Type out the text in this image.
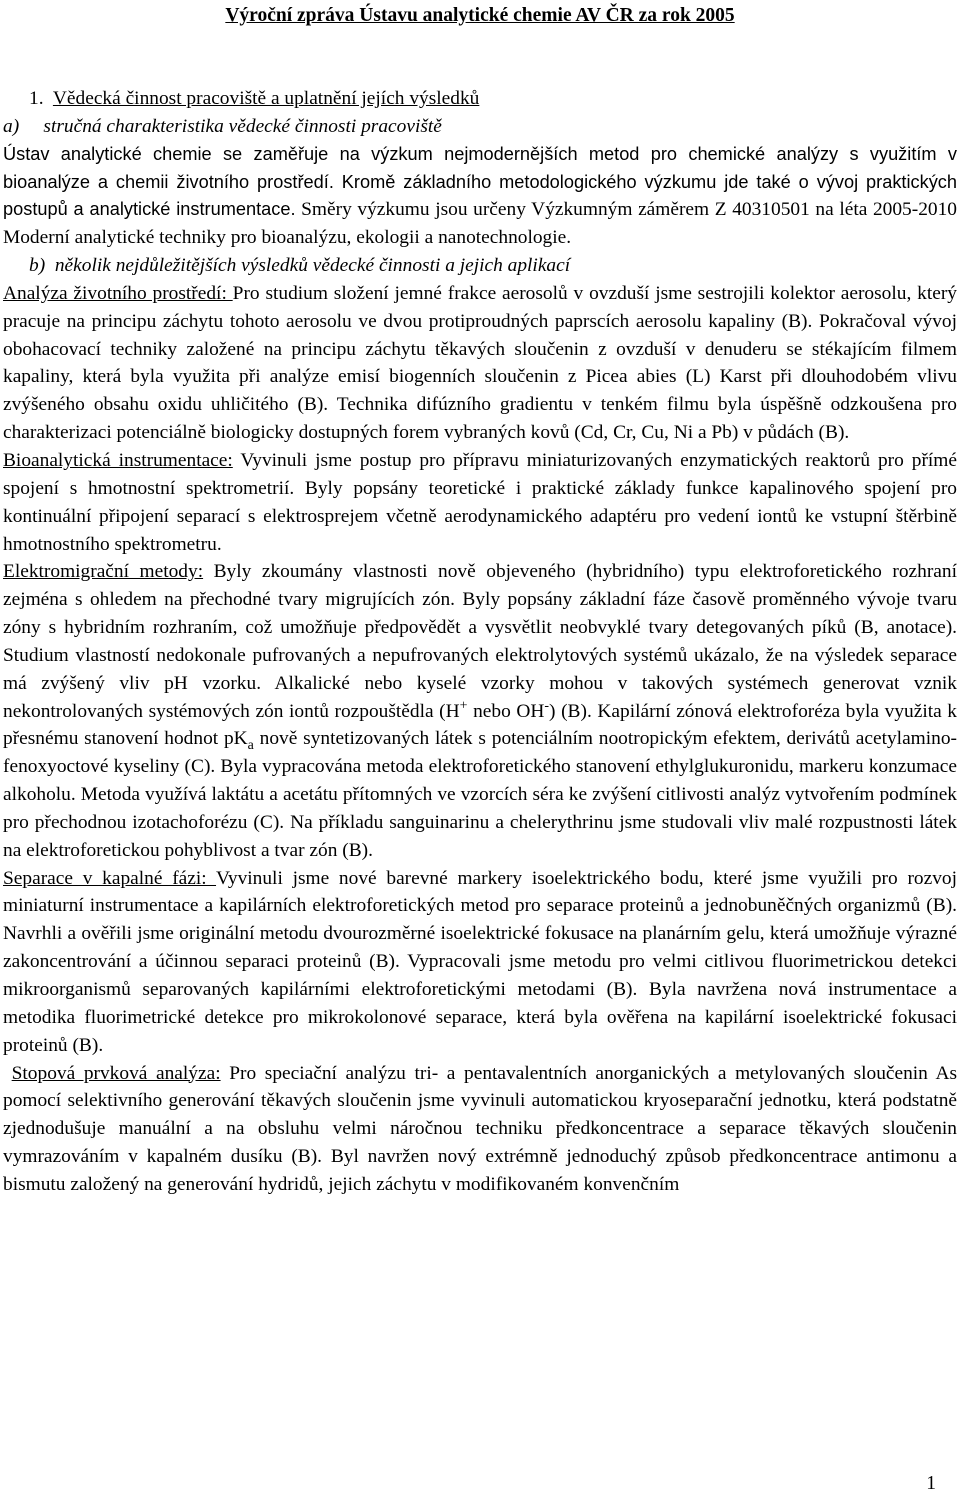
Výroční zpráva Ústavu analytické chemie AV ČR za rok 2005

1. Vědecká činnost pracoviště a uplatnění jejích výsledků

a) stručná charakteristika vědecké činnosti pracoviště

Ústav analytické chemie se zaměřuje na výzkum nejmodernějších metod pro chemické analýzy s využitím v bioanalýze a chemii životního prostředí. Kromě základního metodologického výzkumu jde také o vývoj praktických postupů a analytické instrumentace. Směry výzkumu jsou určeny Výzkumným záměrem Z 40310501 na léta 2005-2010 Moderní analytické techniky pro bioanalýzu, ekologii a nanotechnologie.

b) několik nejdůležitějších výsledků vědecké činnosti a jejich aplikací

Analýza životního prostředí: Pro studium složení jemné frakce aerosolů v ovzduší jsme sestrojili kolektor aerosolu, který pracuje na principu záchytu tohoto aerosolu ve dvou protiproudných paprscích aerosolu kapaliny (B). Pokračoval vývoj obohacovací techniky založené na principu záchytu těkavých sloučenin z ovzduší v denuderu se stékajícím filmem kapaliny, která byla využita při analýze emisí biogenních sloučenin z Picea abies (L) Karst při dlouhodobém vlivu zvýšeného obsahu oxidu uhličitého (B). Technika difúzního gradientu v tenkém filmu byla úspěšně odzkoušena pro charakterizaci potenciálně biologicky dostupných forem vybraných kovů (Cd, Cr, Cu, Ni a Pb) v půdách (B).

Bioanalytická instrumentace: Vyvinuli jsme postup pro přípravu miniaturizovaných enzymatických reaktorů pro přímé spojení s hmotnostní spektrometrií. Byly popsány teoretické i praktické základy funkce kapalinového spojení pro kontinuální připojení separací s elektrosprejem včetně aerodynamického adaptéru pro vedení iontů ke vstupní štěrbině hmotnostního spektrometru.

Elektromigrační metody: Byly zkoumány vlastnosti nově objeveného (hybridního) typu elektroforetického rozhraní zejména s ohledem na přechodné tvary migrujících zón. Byly popsány základní fáze časově proměnného vývoje tvaru zóny s hybridním rozhraním, což umožňuje předpovědět a vysvětlit neobvyklé tvary detegovaných píků (B, anotace). Studium vlastností nedokonale pufrovaných a nepufrovaných elektrolytových systémů ukázalo, že na výsledek separace má zvýšený vliv pH vzorku. Alkalické nebo kyselé vzorky mohou v takových systémech generovat vznik nekontrolovaných systémových zón iontů rozpouštědla (H+ nebo OH-) (B). Kapilární zónová elektroforéza byla využita k přesnému stanovení hodnot $pK_a$ nově syntetizovaných látek s potenciálním nootropickým efektem, derivátů acetylamino-fenoxyoctové kyseliny (C). Byla vypracována metoda elektroforetického stanovení ethylglukuronidu, markeru konzumace alkoholu. Metoda využívá laktátu a acetátu přítomných ve vzorcích séra ke zvýšení citlivosti analýz vytvořením podmínek pro přechodnou izotachoforézu (C). Na příkladu sanguinarinu a chelerythrinu jsme studovali vliv malé rozpustnosti látek na elektroforetickou pohyblivost a tvar zón (B).

Separace v kapalné fázi: Vyvinuli jsme nové barevné markery isoelektrického bodu, které jsme využili pro rozvoj miniaturní instrumentace a kapilárních elektroforetických metod pro separace proteinů a jednobuněčných organizmů (B). Navrhli a ověřili jsme originální metodu dvourozměrné isoelektrické fokusace na planárním gelu, která umožňuje výrazné zakoncentrování a účinnou separaci proteinů (B). Vypracovali jsme metodu pro velmi citlivou fluorimetrickou detekci mikroorganismů separovaných kapilárními elektroforetickými metodami (B). Byla navržena nová instrumentace a metodika fluorimetrické detekce pro mikrokolonové separace, která byla ověřena na kapilární isoelektrické fokusaci proteinů (B).

Stopová prvková analýza: Pro speciační analýzu tri- a pentavalentních anorganických a metylovaných sloučenin As pomocí selektivního generování těkavých sloučenin jsme vyvinuli automatickou kryoseparační jednotku, která podstatně zjednodušuje manuální a na obsluhu velmi náročnou techniku předkoncentrace a separace těkavých sloučenin vymrazováním v kapalném dusíku (B). Byl navržen nový extrémně jednoduchý způsob předkoncentrace antimonu a bismutu založený na generování hydridů, jejich záchytu v modifikovaném konvenčním

1
